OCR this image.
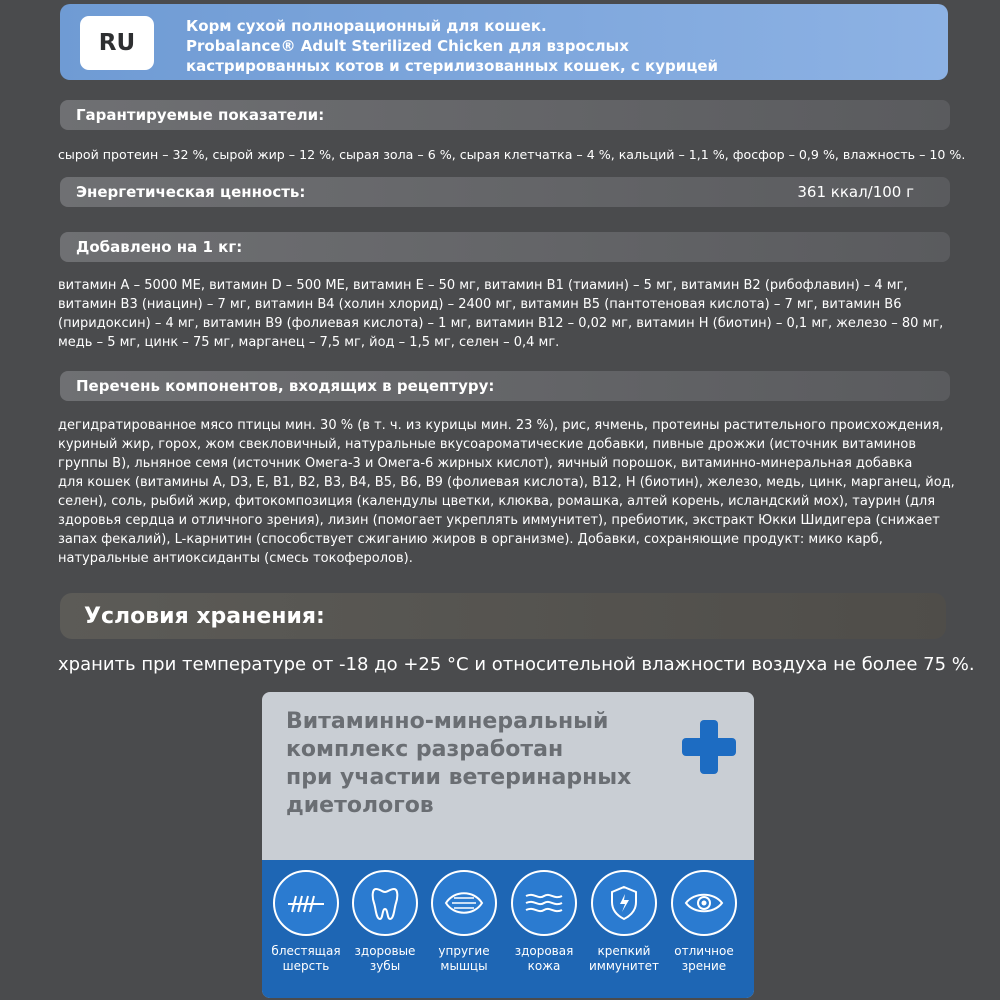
RU
Корм сухой полнорационный для кошек.
Probalance® Adult Sterilized Chicken для взрослых
кастрированных котов и стерилизованных кошек, с курицей
Гарантируемые показатели:
сырой протеин – 32 %, сырой жир – 12 %, сырая зола – 6 %, сырая клетчатка – 4 %, кальций – 1,1 %, фосфор – 0,9 %, влажность – 10 %.
Энергетическая ценность:	361 ккал/100 г
Добавлено на 1 кг:
витамин A – 5000 МЕ, витамин D – 500 МЕ, витамин E – 50 мг, витамин B1 (тиамин) – 5 мг, витамин B2 (рибофлавин) – 4 мг,
витамин B3 (ниацин) – 7 мг, витамин B4 (холин хлорид) – 2400 мг, витамин B5 (пантотеновая кислота) – 7 мг, витамин B6
(пиридоксин) – 4 мг, витамин B9 (фолиевая кислота) – 1 мг, витамин B12 – 0,02 мг, витамин H (биотин) – 0,1 мг, железо – 80 мг,
медь – 5 мг, цинк – 75 мг, марганец – 7,5 мг, йод – 1,5 мг, селен – 0,4 мг.
Перечень компонентов, входящих в рецептуру:
дегидратированное мясо птицы мин. 30 % (в т. ч. из курицы мин. 23 %), рис, ячмень, протеины растительного происхождения,
куриный жир, горох, жом свекловичный, натуральные вкусоароматические добавки, пивные дрожжи (источник витаминов
группы B), льняное семя (источник Омега-3 и Омега-6 жирных кислот), яичный порошок, витаминно-минеральная добавка
для кошек (витамины A, D3, E, B1, B2, B3, B4, B5, B6, B9 (фолиевая кислота), B12, H (биотин), железо, медь, цинк, марганец, йод,
селен), соль, рыбий жир, фитокомпозиция (календулы цветки, клюква, ромашка, алтей корень, исландский мох), таурин (для
здоровья сердца и отличного зрения), лизин (помогает укреплять иммунитет), пребиотик, экстракт Юкки Шидигера (снижает
запах фекалий), L-карнитин (способствует сжиганию жиров в организме). Добавки, сохраняющие продукт: мико карб,
натуральные антиоксиданты (смесь токоферолов).
Условия хранения:
хранить при температуре от -18 до +25 °С и относительной влажности воздуха не более 75 %.
Витаминно-минеральный
комплекс разработан
при участии ветеринарных
диетологов
блестящая
шерсть
здоровые
зубы
упругие
мышцы
здоровая
кожа
крепкий
иммунитет
отличное
зрение
